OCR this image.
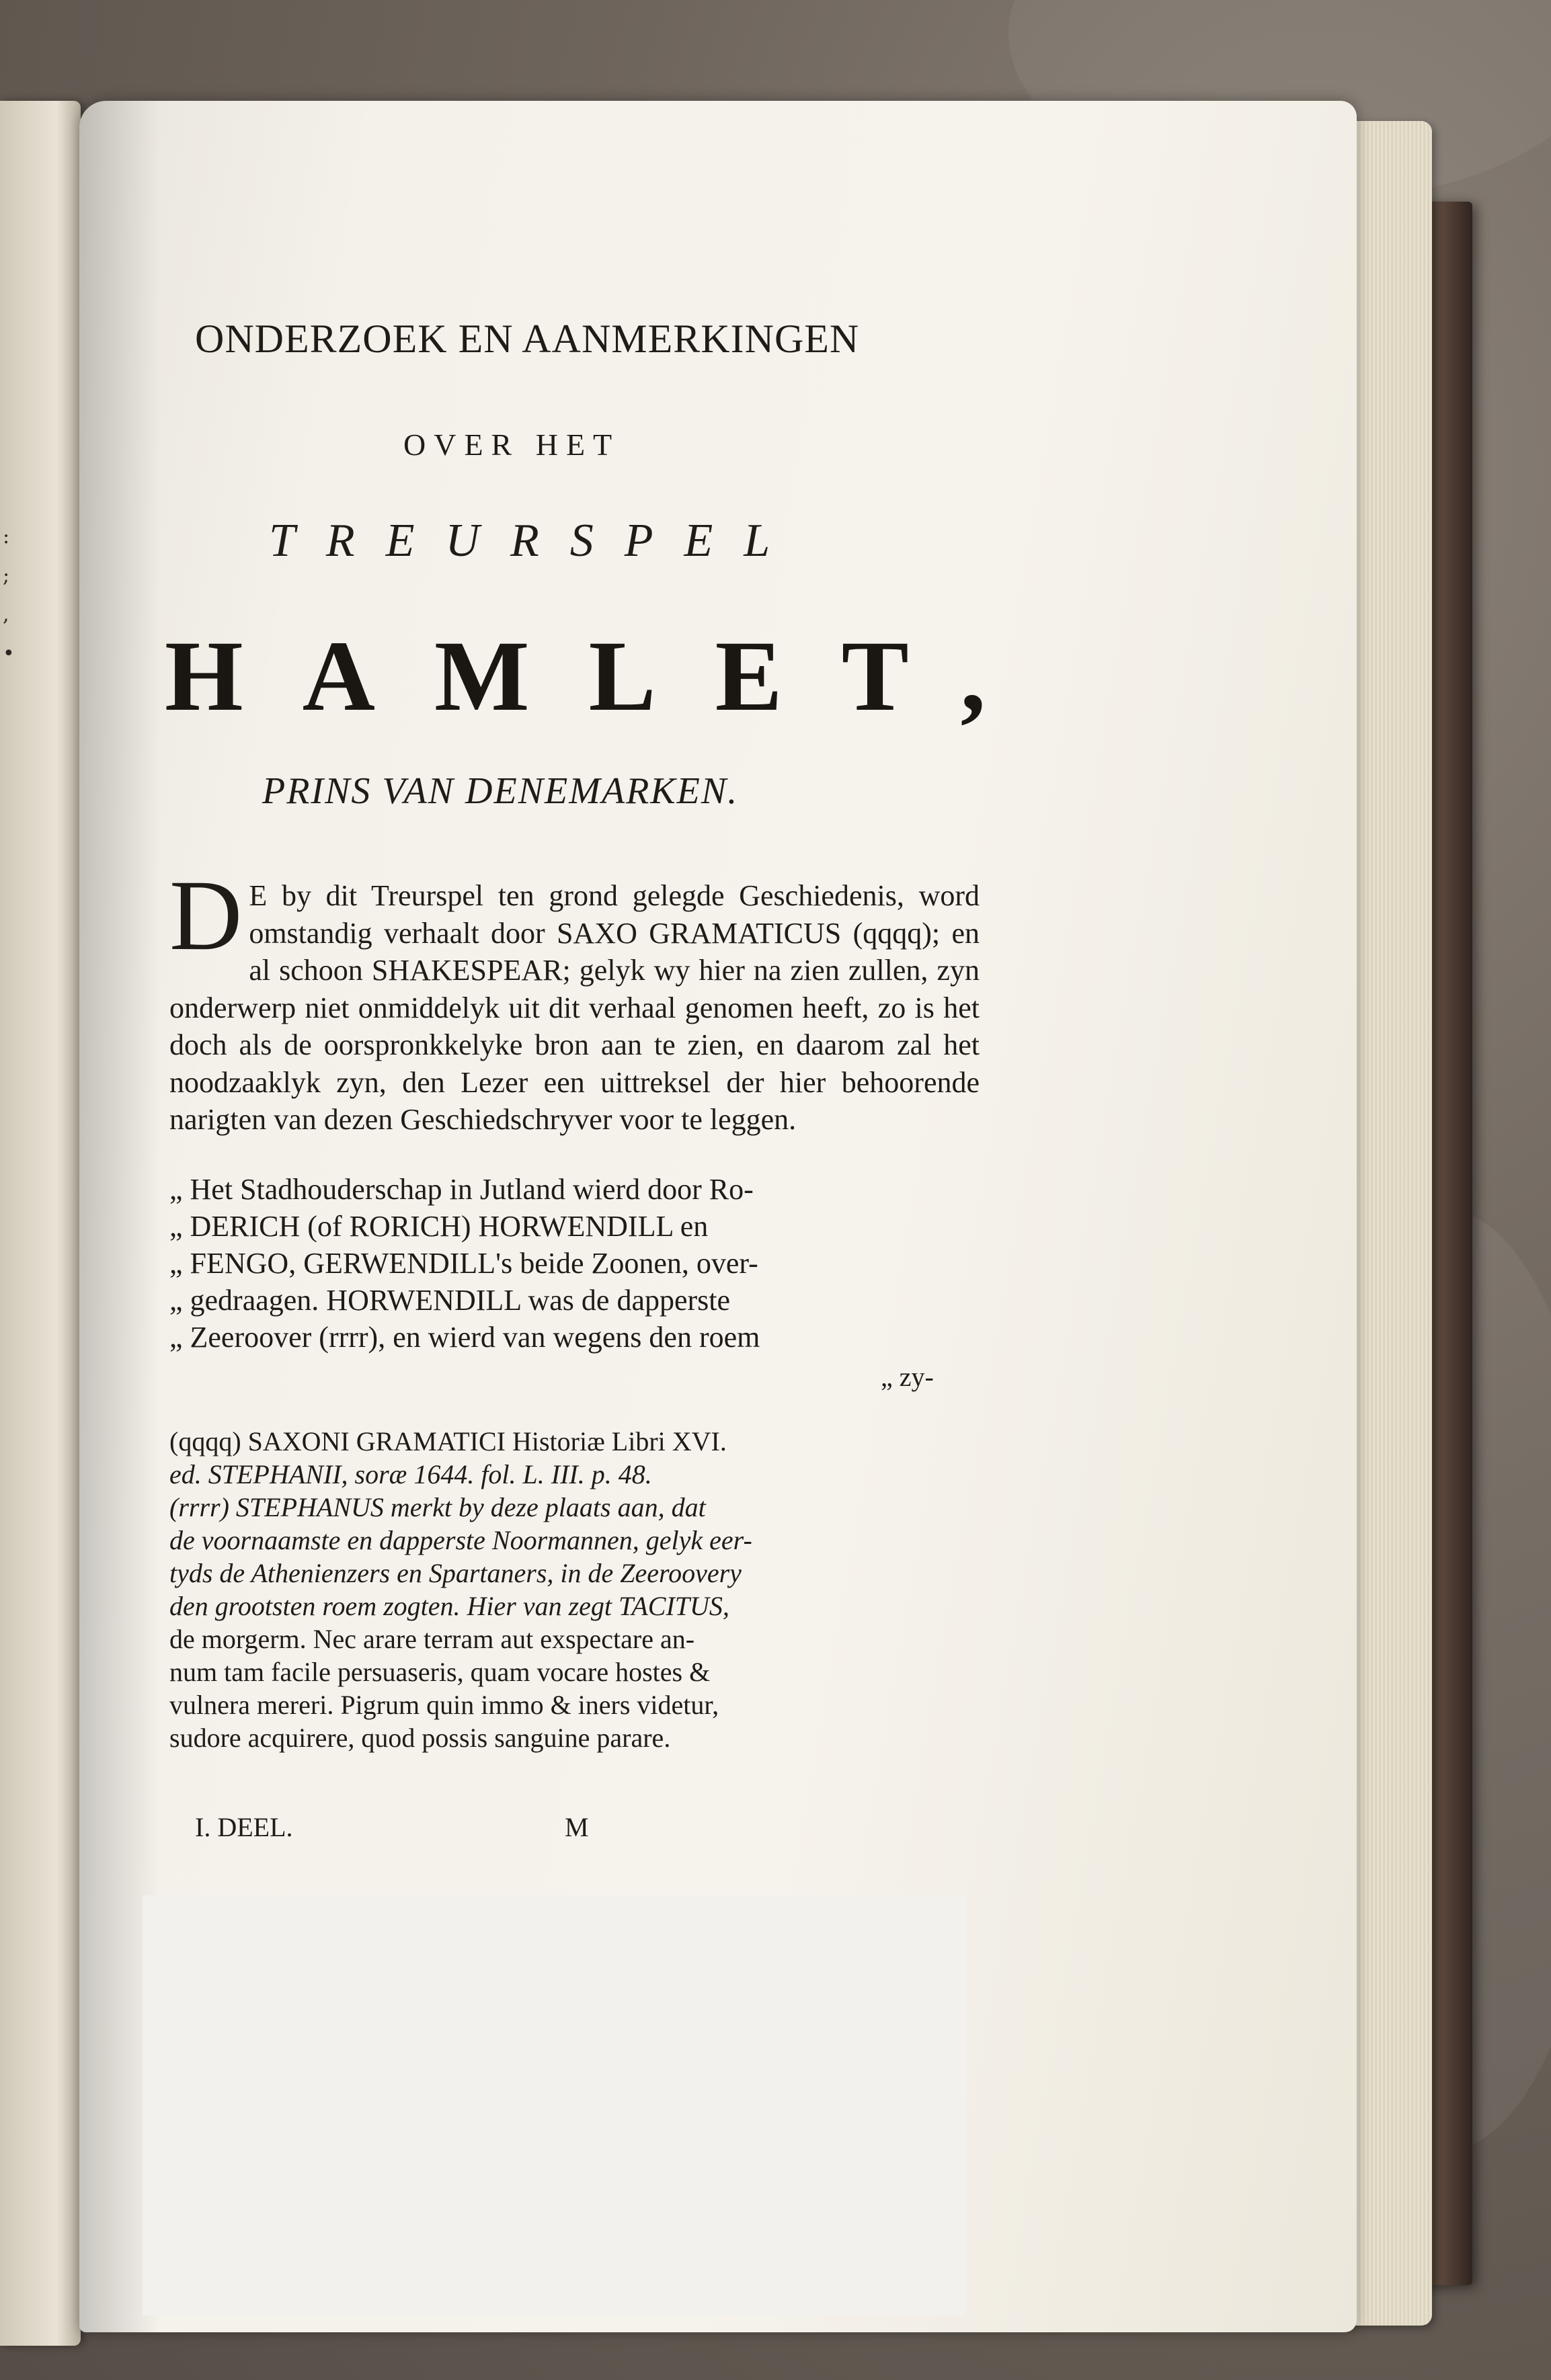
:
;
,
•
ONDERZOEK EN AANMERKINGEN
OVER HET
TREURSPEL
HAMLET,
PRINS VAN DENEMARKEN.
D E by dit Treurspel ten grond gelegde Geschiedenis, word omstandig verhaalt door SAXO GRAMATICUS (qqqq); en al schoon SHAKESPEAR; gelyk wy hier na zien zullen, zyn onderwerp niet onmiddelyk uit dit verhaal genomen heeft, zo is het doch als de oorspronkkelyke bron aan te zien, en daarom zal het noodzaaklyk zyn, den Lezer een uittreksel der hier behoorende narigten van dezen Geschiedschryver voor te leggen.
„ Het Stadhouderschap in Jutland wierd door Ro-
„ DERICH (of RORICH) HORWENDILL en
„ FENGO, GERWENDILL's beide Zoonen, over-
„ gedraagen. HORWENDILL was de dapperste
„ Zeeroover (rrrr), en wierd van wegens den roem
„ zy-
(qqqq) SAXONI GRAMATICI Historiæ Libri XVI.
ed. STEPHANII, soræ 1644. fol. L. III. p. 48.
(rrrr) STEPHANUS merkt by deze plaats aan, dat
de voornaamste en dapperste Noormannen, gelyk eer-
tyds de Athenienzers en Spartaners, in de Zeeroovery
den grootsten roem zogten. Hier van zegt TACITUS,
de morgerm. Nec arare terram aut exspectare an-
num tam facile persuaseris, quam vocare hostes &
vulnera mereri. Pigrum quin immo & iners videtur,
sudore acquirere, quod possis sanguine parare.
I. DEEL.	M
